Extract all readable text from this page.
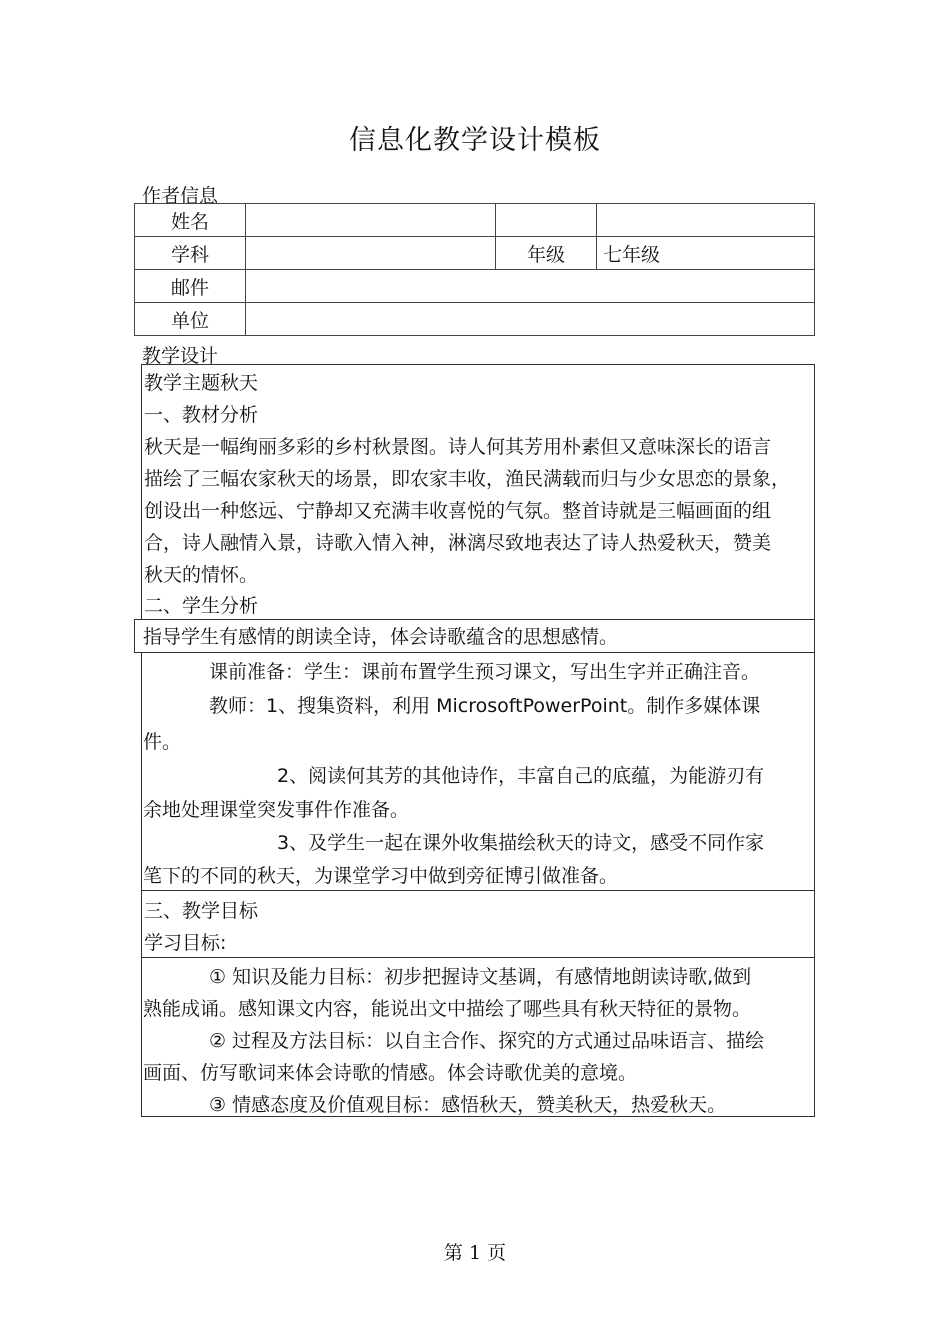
信息化教学设计模板
作者信息
姓名			
学科		年级	七年级
邮件			
单位			
教学设计
教学主题秋天
一、教材分析
秋天是一幅绚丽多彩的乡村秋景图。诗人何其芳用朴素但又意味深长的语言
描绘了三幅农家秋天的场景，即农家丰收，渔民满载而归与少女思恋的景象，
创设出一种悠远、宁静却又充满丰收喜悦的气氛。整首诗就是三幅画面的组
合，诗人融情入景，诗歌入情入神，淋漓尽致地表达了诗人热爱秋天，赞美
秋天的情怀。
二、学生分析
指导学生有感情的朗读全诗，体会诗歌蕴含的思想感情。
课前准备：学生：课前布置学生预习课文，写出生字并正确注音。
教师：1、搜集资料，利用 MicrosoftPowerPoint。制作多媒体课
件。
2、阅读何其芳的其他诗作，丰富自己的底蕴，为能游刃有
余地处理课堂突发事件作准备。
3、及学生一起在课外收集描绘秋天的诗文，感受不同作家
笔下的不同的秋天，为课堂学习中做到旁征博引做准备。
三、教学目标
学习目标:
① 知识及能力目标：初步把握诗文基调，有感情地朗读诗歌,做到
熟能成诵。感知课文内容，能说出文中描绘了哪些具有秋天特征的景物。
② 过程及方法目标：以自主合作、探究的方式通过品味语言、描绘
画面、仿写歌词来体会诗歌的情感。体会诗歌优美的意境。
③ 情感态度及价值观目标：感悟秋天，赞美秋天，热爱秋天。
第 1 页
